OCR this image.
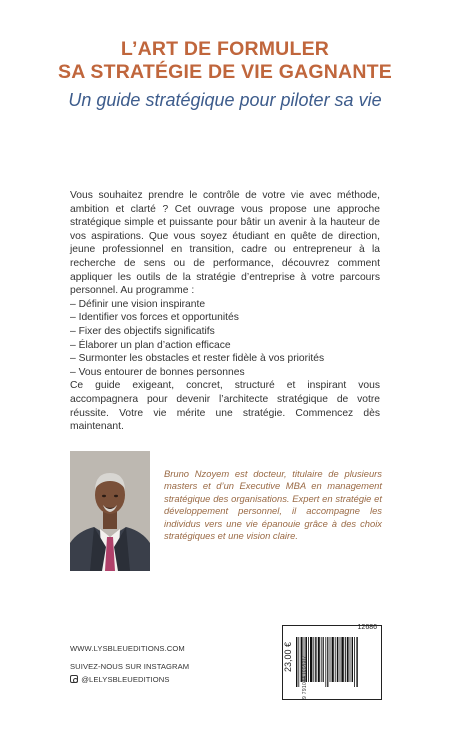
L’ART DE FORMULER
SA STRATÉGIE DE VIE GAGNANTE
Un guide stratégique pour piloter sa vie

Vous souhaitez prendre le contrôle de votre vie avec méthode, ambition et clarté ? Cet ouvrage vous propose une approche stratégique simple et puissante pour bâtir un avenir à la hauteur de vos aspirations. Que vous soyez étudiant en quête de direction, jeune professionnel en transition, cadre ou entrepreneur à la recherche de sens ou de performance, découvrez comment appliquer les outils de la stratégie d’entreprise à votre parcours personnel. Au programme :

– Définir une vision inspirante

– Identifier vos forces et opportunités

– Fixer des objectifs significatifs

– Élaborer un plan d’action efficace

– Surmonter les obstacles et rester fidèle à vos priorités

– Vous entourer de bonnes personnes

Ce guide exigeant, concret, structuré et inspirant vous accompagnera pour devenir l’architecte stratégique de votre réussite. Votre vie mérite une stratégie. Commencez dès maintenant.

Bruno Nzoyem est docteur, titulaire de plusieurs masters et d’un Executive MBA en management stratégique des organisations. Expert en stratégie et développement personnel, il accompagne les individus vers une vie épanouie grâce à des choix stratégiques et une vision claire.
WWW.LYSBLEUEDITIONS.COM
SUIVEZ-NOUS SUR INSTAGRAM
@LELYSBLEUEDITIONS
12686
23,00 € 9 791044 032607
